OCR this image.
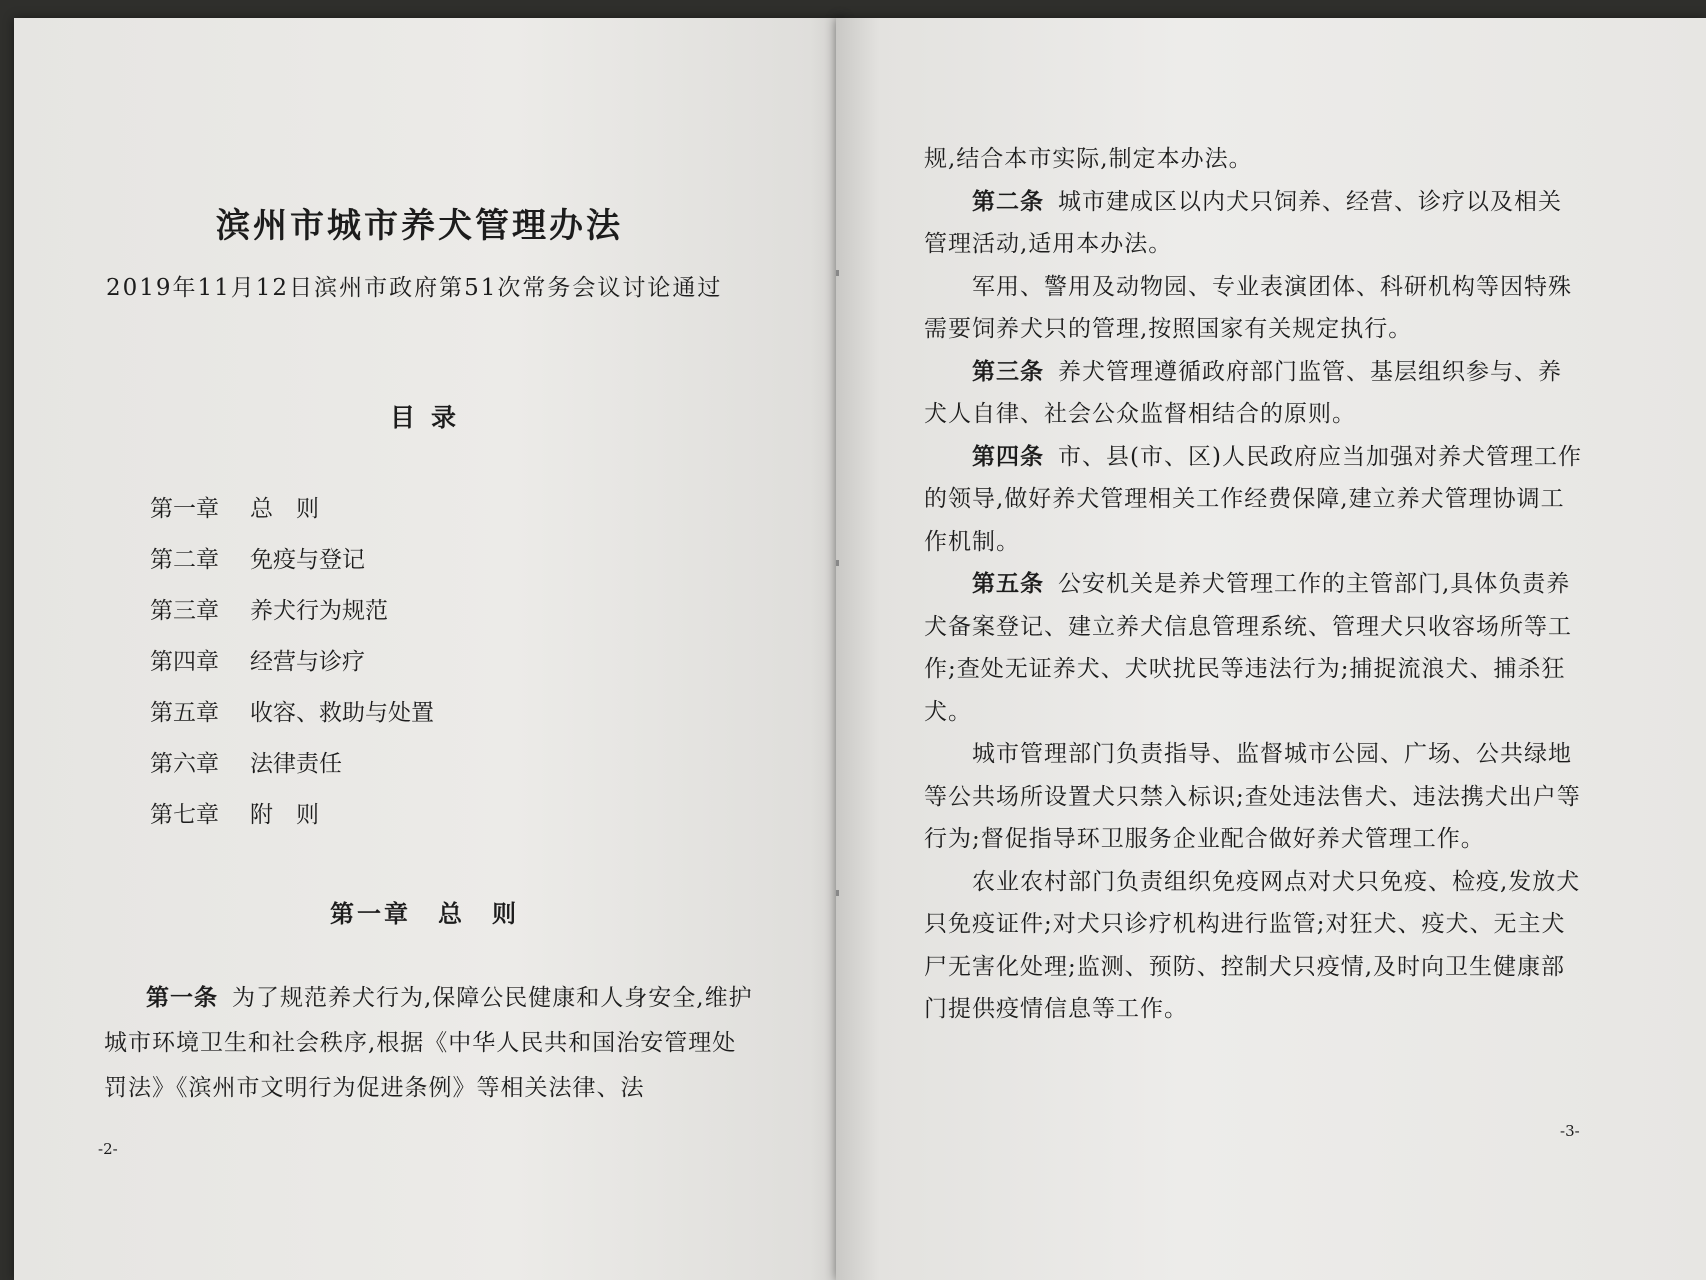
滨州市城市养犬管理办法
2019年11月12日滨州市政府第51次常务会议讨论通过
目录
第一章	总　则
第二章	免疫与登记
第三章	养犬行为规范
第四章	经营与诊疗
第五章	收容、救助与处置
第六章	法律责任
第七章	附　则
第一章　总　则
第一条 为了规范养犬行为,保障公民健康和人身安全,维护城市环境卫生和社会秩序,根据《中华人民共和国治安管理处罚法》《滨州市文明行为促进条例》等相关法律、法
-2-

规,结合本市实际,制定本办法。

第二条 城市建成区以内犬只饲养、经营、诊疗以及相关管理活动,适用本办法。

军用、警用及动物园、专业表演团体、科研机构等因特殊需要饲养犬只的管理,按照国家有关规定执行。

第三条 养犬管理遵循政府部门监管、基层组织参与、养犬人自律、社会公众监督相结合的原则。

第四条 市、县(市、区)人民政府应当加强对养犬管理工作的领导,做好养犬管理相关工作经费保障,建立养犬管理协调工作机制。

第五条 公安机关是养犬管理工作的主管部门,具体负责养犬备案登记、建立养犬信息管理系统、管理犬只收容场所等工作;查处无证养犬、犬吠扰民等违法行为;捕捉流浪犬、捕杀狂犬。

城市管理部门负责指导、监督城市公园、广场、公共绿地等公共场所设置犬只禁入标识;查处违法售犬、违法携犬出户等行为;督促指导环卫服务企业配合做好养犬管理工作。

农业农村部门负责组织免疫网点对犬只免疫、检疫,发放犬只免疫证件;对犬只诊疗机构进行监管;对狂犬、疫犬、无主犬尸无害化处理;监测、预防、控制犬只疫情,及时向卫生健康部门提供疫情信息等工作。

-3-
